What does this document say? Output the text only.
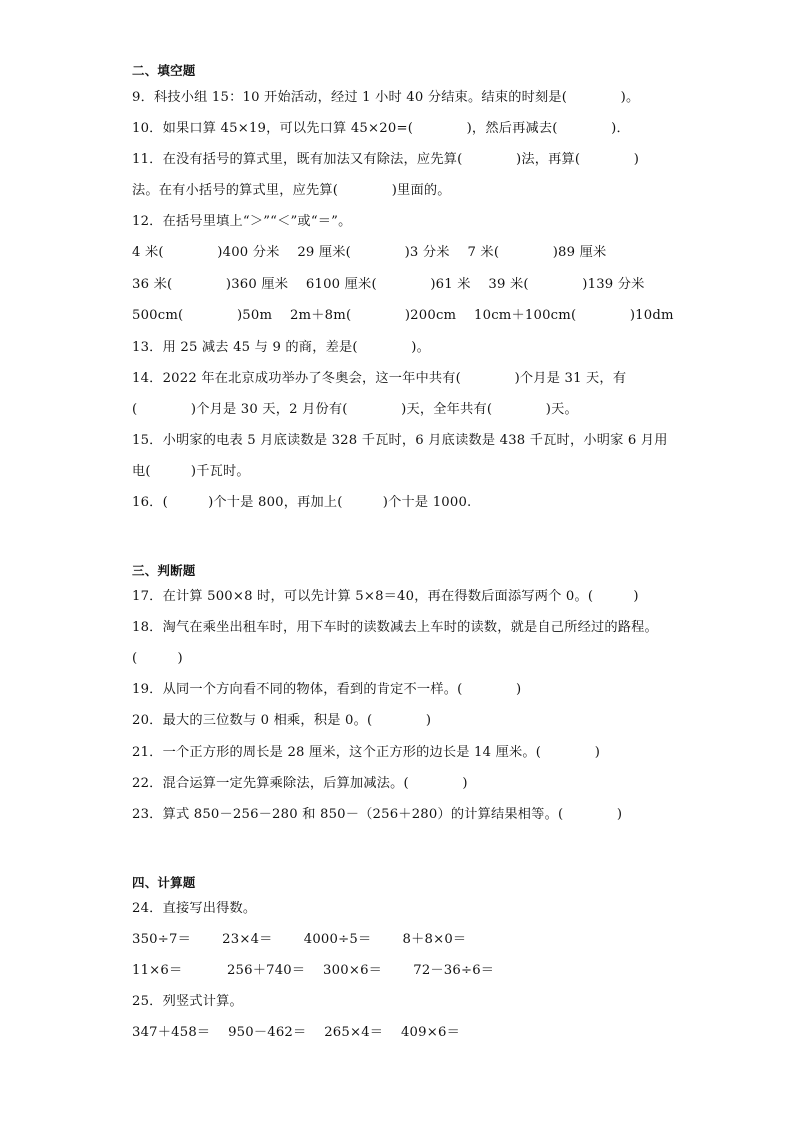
二、填空题
9．科技小组 15：10 开始活动，经过 1 小时 40 分结束。结束的时刻是(　　　　)。
10．如果口算 45×19，可以先口算 45×20=(　　　　)，然后再减去(　　　　)．
11．在没有括号的算式里，既有加法又有除法，应先算(　　　　)法，再算(　　　　)
法。在有小括号的算式里，应先算(　　　　)里面的。
12．在括号里填上“＞”“＜”或“＝”。
4 米(　　　　)400 分米　 29 厘米(　　　　)3 分米　 7 米(　　　　)89 厘米
36 米(　　　　)360 厘米　 6100 厘米(　　　　)61 米　 39 米(　　　　)139 分米
500cm(　　　　)50m　 2m＋8m(　　　　)200cm　 10cm＋100cm(　　　　)10dm
13．用 25 减去 45 与 9 的商，差是(　　　　)。
14．2022 年在北京成功举办了冬奥会，这一年中共有(　　　　)个月是 31 天，有
(　　　　)个月是 30 天，2 月份有(　　　　)天，全年共有(　　　　)天。
15．小明家的电表 5 月底读数是 328 千瓦时，6 月底读数是 438 千瓦时，小明家 6 月用
电(　　　)千瓦时。
16．(　　　)个十是 800，再加上(　　　)个十是 1000.
三、判断题
17．在计算 500×8 时，可以先计算 5×8＝40，再在得数后面添写两个 0。(　　　)
18．淘气在乘坐出租车时，用下车时的读数减去上车时的读数，就是自己所经过的路程。
(　　　)
19．从同一个方向看不同的物体，看到的肯定不一样。(　　　　)
20．最大的三位数与 0 相乘，积是 0。(　　　　)
21．一个正方形的周长是 28 厘米，这个正方形的边长是 14 厘米。(　　　　)
22．混合运算一定先算乘除法，后算加减法。(　　　　)
23．算式 850－256－280 和 850－（256＋280）的计算结果相等。(　　　　)
四、计算题
24．直接写出得数。
350÷7＝　　 23×4＝　　 4000÷5＝　　 8＋8×0＝
11×6＝　　　 256＋740＝　 300×6＝　　 72－36÷6＝
25．列竖式计算。
347＋458＝　 950－462＝　 265×4＝　 409×6＝
